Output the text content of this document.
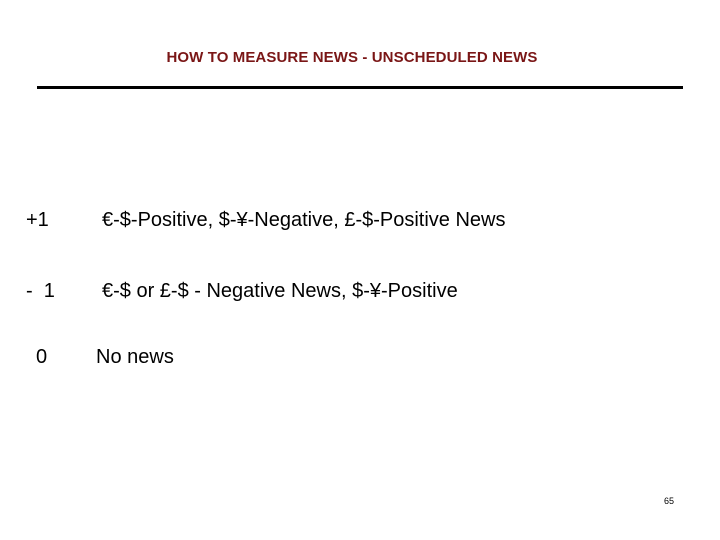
HOW TO MEASURE NEWS - UNSCHEDULED NEWS
+1	€-$-Positive, $-¥-Negative, £-$-Positive News
-  1 €-$ or £-$ - Negative News, $-¥-Positive
0 No news
65
